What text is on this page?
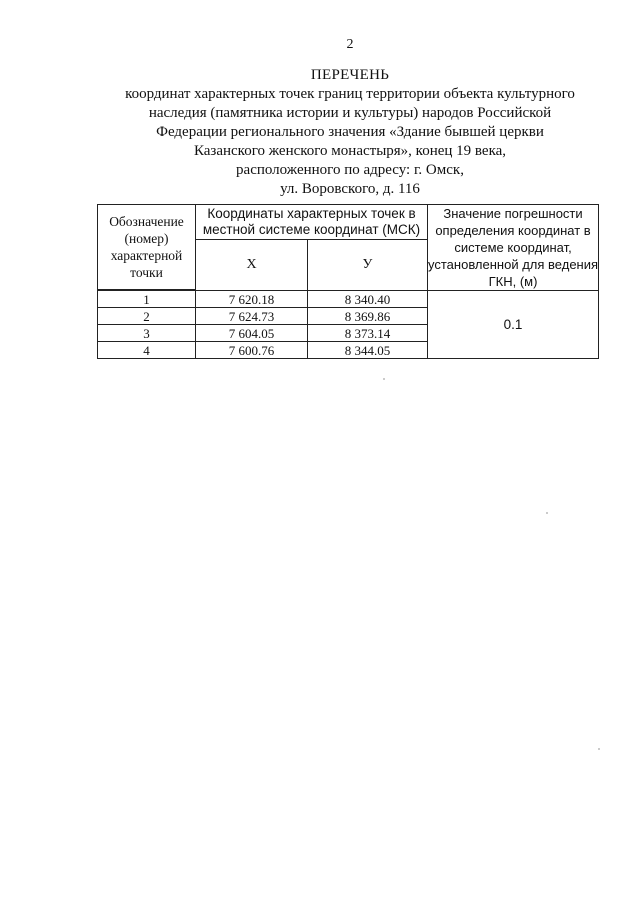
2
ПЕРЕЧЕНЬ
координат характерных точек границ территории объекта культурного
наследия (памятника истории и культуры) народов Российской
Федерации регионального значения «Здание бывшей церкви
Казанского женского монастыря», конец 19 века,
расположенного по адресу: г. Омск,
ул. Воровского, д. 116
Обозначение (номер) характерной точки	Координаты характерных точек в местной системе координат (МСК)		Значение погрешности определения координат в системе координат, установленной для ведения ГКН, (м)
	Х	У	

1	7 620.18	8 340.40	0.1
2	7 624.73	8 369.86	
3	7 604.05	8 373.14	
4	7 600.76	8 344.05	
